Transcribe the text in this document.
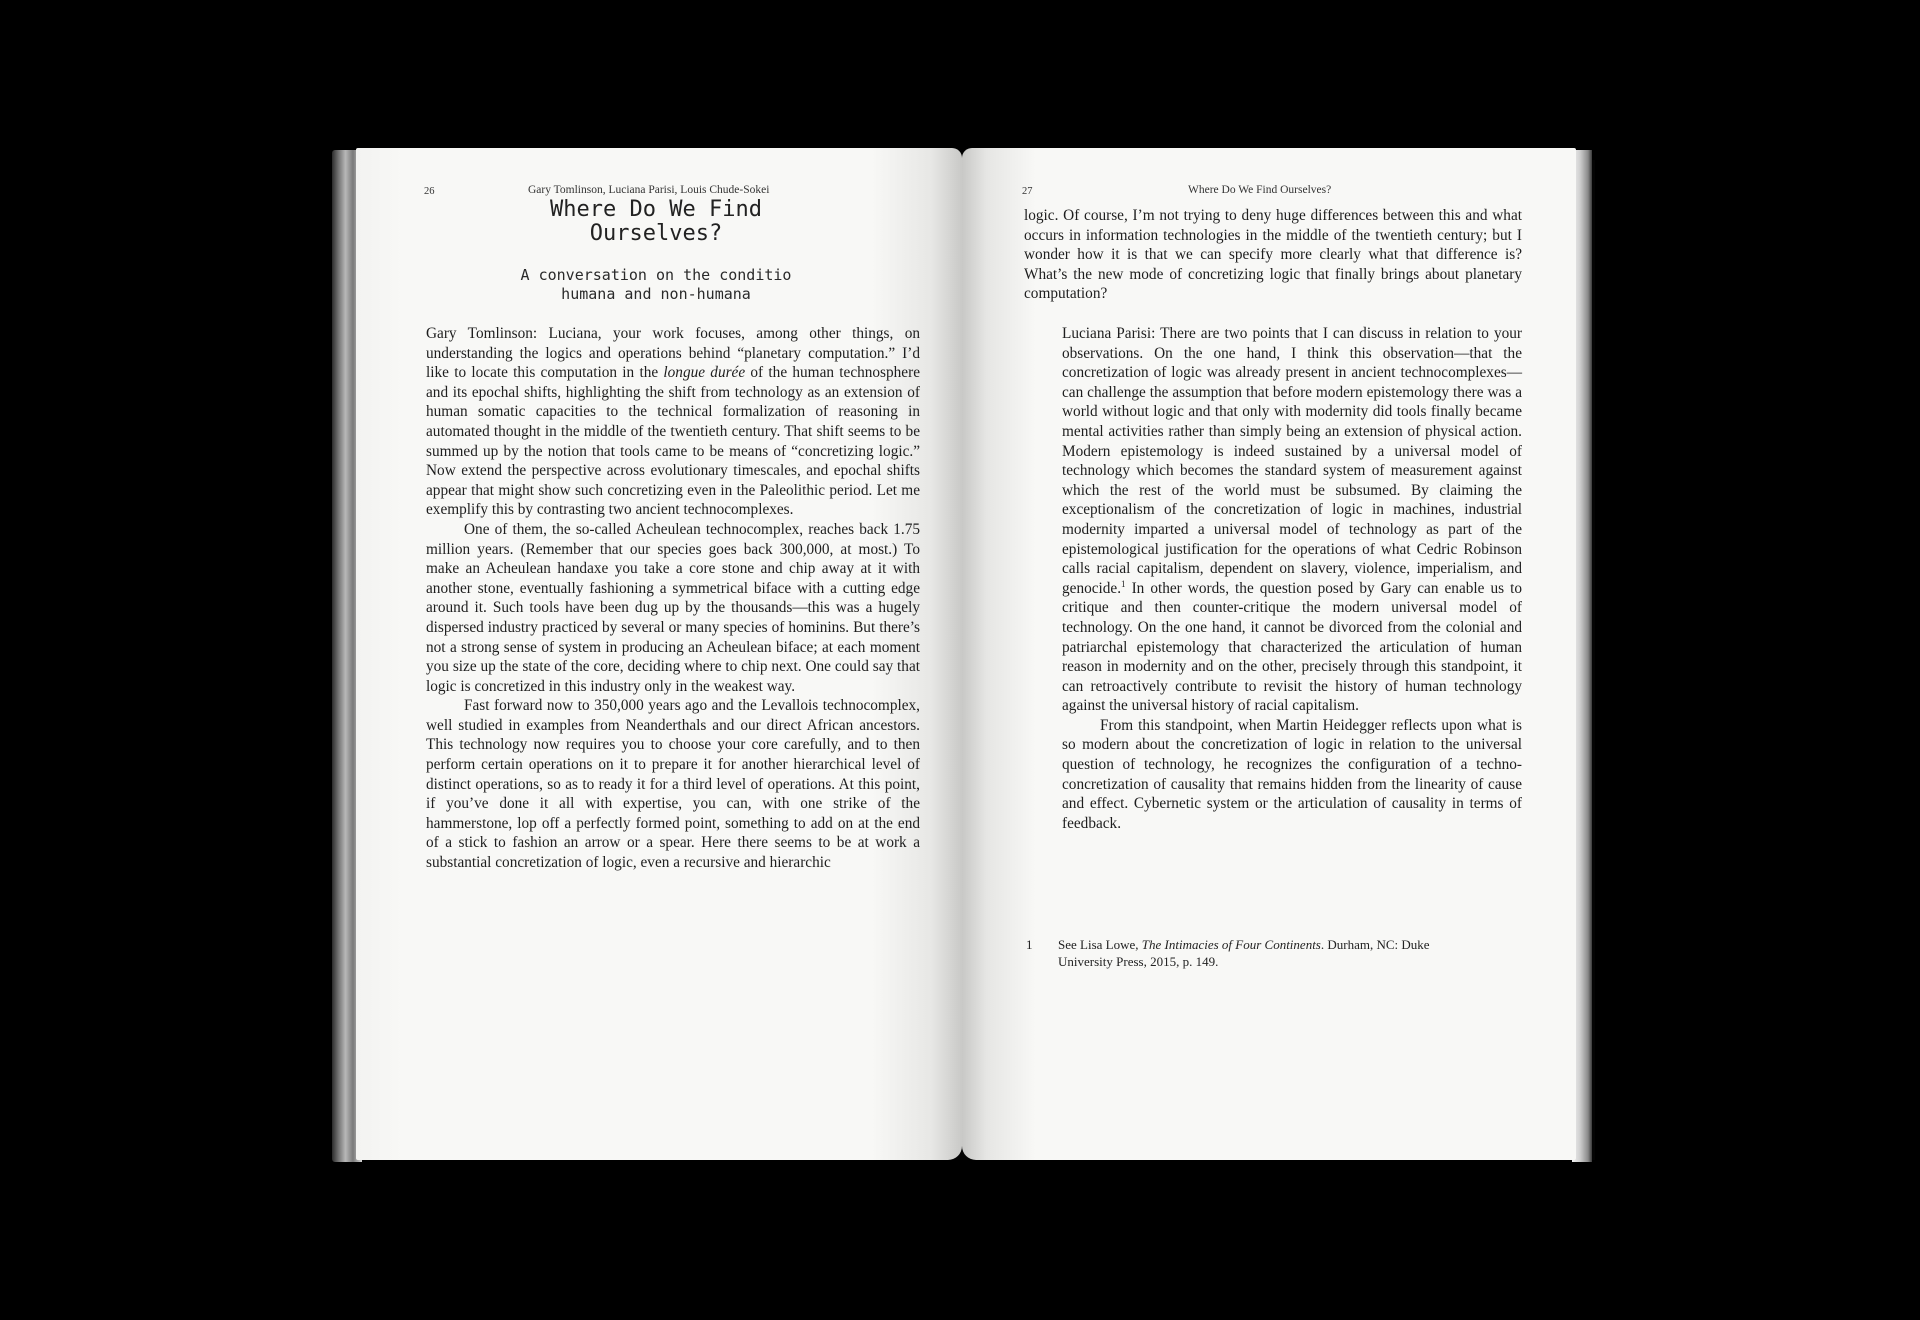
26	Gary Tomlinson, Luciana Parisi, Louis Chude-Sokei
Where Do We Find
Ourselves?
A conversation on the conditio
humana and non-humana

Gary Tomlinson: Luciana, your work focuses, among other things, on understanding the logics and operations behind “planetary computation.” I’d like to locate this computation in the longue durée of the human technosphere and its epochal shifts, highlighting the shift from technology as an extension of human somatic capacities to the technical formalization of reasoning in automated thought in the middle of the twentieth century. That shift seems to be summed up by the notion that tools came to be means of “concretizing logic.” Now extend the perspective across evolutionary timescales, and epochal shifts appear that might show such concretizing even in the Paleolithic period. Let me exemplify this by contrasting two ancient technocomplexes.

One of them, the so-called Acheulean technocomplex, reaches back 1.75 million years. (Remember that our species goes back 300,000, at most.) To make an Acheulean handaxe you take a core stone and chip away at it with another stone, eventually fashioning a symmetrical biface with a cutting edge around it. Such tools have been dug up by the thousands—this was a hugely dispersed industry practiced by several or many species of hominins. But there’s not a strong sense of system in producing an Acheulean biface; at each moment you size up the state of the core, deciding where to chip next. One could say that logic is concretized in this industry only in the weakest way.

Fast forward now to 350,000 years ago and the Levallois technocomplex, well studied in examples from Neanderthals and our direct African ancestors. This technology now requires you to choose your core carefully, and to then perform certain operations on it to prepare it for another hierarchical level of distinct operations, so as to ready it for a third level of operations. At this point, if you’ve done it all with expertise, you can, with one strike of the hammerstone, lop off a perfectly formed point, something to add on at the end of a stick to fashion an arrow or a spear. Here there seems to be at work a substantial concretization of logic, even a recursive and hierarchic

27	Where Do We Find Ourselves?

logic. Of course, I’m not trying to deny huge differences between this and what occurs in information technologies in the middle of the twentieth century; but I wonder how it is that we can specify more clearly what that difference is? What’s the new mode of concretizing logic that finally brings about planetary computation?

Luciana Parisi: There are two points that I can discuss in relation to your observations. On the one hand, I think this observation—that the concretization of logic was already present in ancient technocomplexes—can challenge the assumption that before modern epistemology there was a world without logic and that only with modernity did tools finally became mental activities rather than simply being an extension of physical action. Modern epistemology is indeed sustained by a universal model of technology which becomes the standard system of measurement against which the rest of the world must be subsumed. By claiming the exceptionalism of the concretization of logic in machines, industrial modernity imparted a universal model of technology as part of the epistemological justification for the operations of what Cedric Robinson calls racial capitalism, dependent on slavery, violence, imperialism, and genocide.$^1$ In other words, the question posed by Gary can enable us to critique and then counter-critique the modern universal model of technology. On the one hand, it cannot be divorced from the colonial and patriarchal epistemology that characterized the articulation of human reason in modernity and on the other, precisely through this standpoint, it can retroactively contribute to revisit the history of human technology against the universal history of racial capitalism.

From this standpoint, when Martin Heidegger reflects upon what is so modern about the concretization of logic in relation to the universal question of technology, he recognizes the configuration of a techno-concretization of causality that remains hidden from the linearity of cause and effect. Cybernetic system or the articulation of causality in terms of feedback.

1 See Lisa Lowe, The Intimacies of Four Continents. Durham, NC: Duke University Press, 2015, p. 149.
